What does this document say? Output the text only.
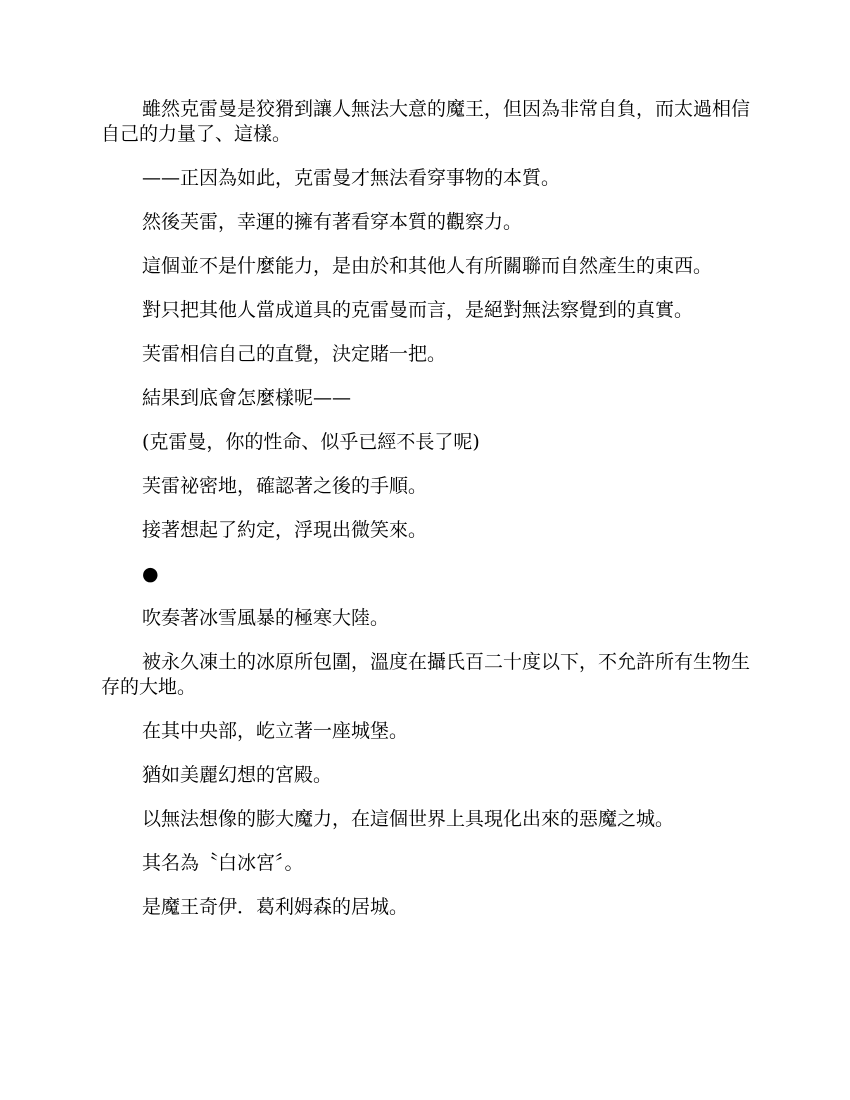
雖然克雷曼是狡猾到讓人無法大意的魔王，但因為非常自負，而太過相信自己的力量了、這樣。

——正因為如此，克雷曼才無法看穿事物的本質。

然後芙雷，幸運的擁有著看穿本質的觀察力。

這個並不是什麼能力，是由於和其他人有所關聯而自然產生的東西。

對只把其他人當成道具的克雷曼而言，是絕對無法察覺到的真實。

芙雷相信自己的直覺，決定賭一把。

結果到底會怎麼樣呢——

(克雷曼，你的性命、似乎已經不長了呢)

芙雷祕密地，確認著之後的手順。

接著想起了約定，浮現出微笑來。

●

吹奏著冰雪風暴的極寒大陸。

被永久凍土的冰原所包圍，溫度在攝氏百二十度以下，不允許所有生物生存的大地。

在其中央部，屹立著一座城堡。

猶如美麗幻想的宮殿。

以無法想像的膨大魔力，在這個世界上具現化出來的惡魔之城。

其名為〝白冰宮〞。

是魔王奇伊．葛利姆森的居城。
